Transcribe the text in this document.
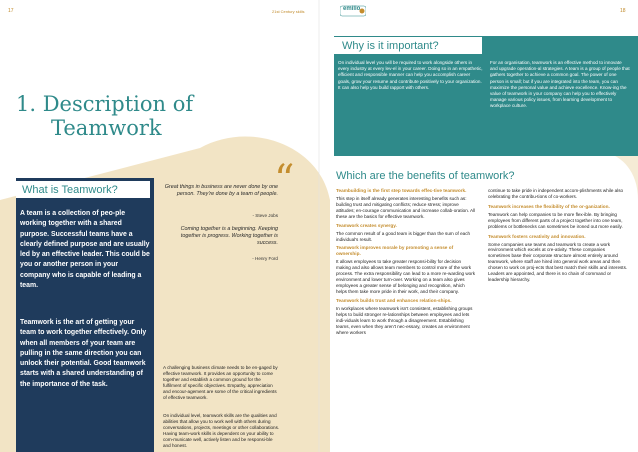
17	21st Century skills	18
emilio
1. Description of
Teamwork
What is Teamwork?
A team is a collection of peo-ple working together with a shared purpose. Successful teams have a clearly defined purpose and are usually led by an effective leader. This could be you or another person in your company who is capable of leading a team.
Teamwork is the art of getting your team to work together effectively. Only when all members of your team are pulling in the same direction you can unlock their potential. Good teamwork starts with a shared understanding of the importance of the task.
“
Great things in business are never done by one person. They're done by a team of people.
- Steve Jobs
Coming together is a beginning. Keeping together is progress. Working together is success.
- Henry Ford
A challenging business climate needs to be en-gaged by effective teamwork. It provides an opportunity to come together and establish a common ground for the fulfilment of specific objectives. Empathy, appreciation and encour-agement are some of the critical ingredients of effective teamwork.
On individual level, teamwork skills are the qualities and abilities that allow you to work well with others during conversations, projects, meetings or other collaborations. Having team-work skills is dependent on your ability to com-municate well, actively listen and be responsi-ble and honest.
Why is it important?
On individual level you will be required to work alongside others in every industry at every lev-el in your career. Doing so in an empathetic, efficient and responsible manner can help you accomplish career goals, grow your resume and contribute positively to your organization. It can also help you build rapport with others.
For an organisation, teamwork is an effective method to innovate and upgrade operation-al strategies. A team is a group of people that gathers together to achieve a common goal. The power of one person is small; but if you are integrated into the team, you can maximize the personal value and achieve excellence. Know-ing the value of teamwork in your company can help you to effectively manage various policy issues, from learning development to workplace culture.
Which are the benefits of teamwork?
Teambuilding is the first step towards effec-tive teamwork.
This step in itself already generates interesting benefits such as: building trust and mitigating conflicts; reduce stress; improve attitudes; en-courage communication and increase collab-oration. All these are the basics for effective teamwork.
Teamwork creates synergy.
The common result of a good team is bigger than the sum of each individual's result.
Teamwork improves morale by promoting a sense of ownership.
It allows employees to take greater responsi-bility for decision making and also allows team members to control more of the work process. The extra responsibility can lead to a more re-warding work environment and lower turn-over. Working on a team also gives employees a greater sense of belonging and recognition, which helps them take more pride in their work, and their company.
Teamwork builds trust and enhances relation-ships.
In workplaces where teamwork isn't consistent, establishing groups helps to build stronger re-lationships between employees and lets indi-viduals learn to work through a disagreement. Establishing teams, even when they aren't nec-essary, creates an environment where workers
continue to take pride in independent accom-plishments while also celebrating the contribu-tions of co-workers.
Teamwork increases the flexibility of the or-ganization.
Teamwork can help companies to be more flex-ible. By bringing employees from different parts of a project together into one team, problems or bottlenecks can sometimes be ironed out more easily.
Teamwork fosters creativity and innovation.
Some companies use teams and teamwork to create a work environment which excels at cre-ativity. These companies sometimes base their corporate structure almost entirely around teamwork, where staff are hired into general work areas and then chosen to work on proj-ects that best match their skills and interests. Leaders are appointed, and there is no chain of command or leadership hierarchy.
